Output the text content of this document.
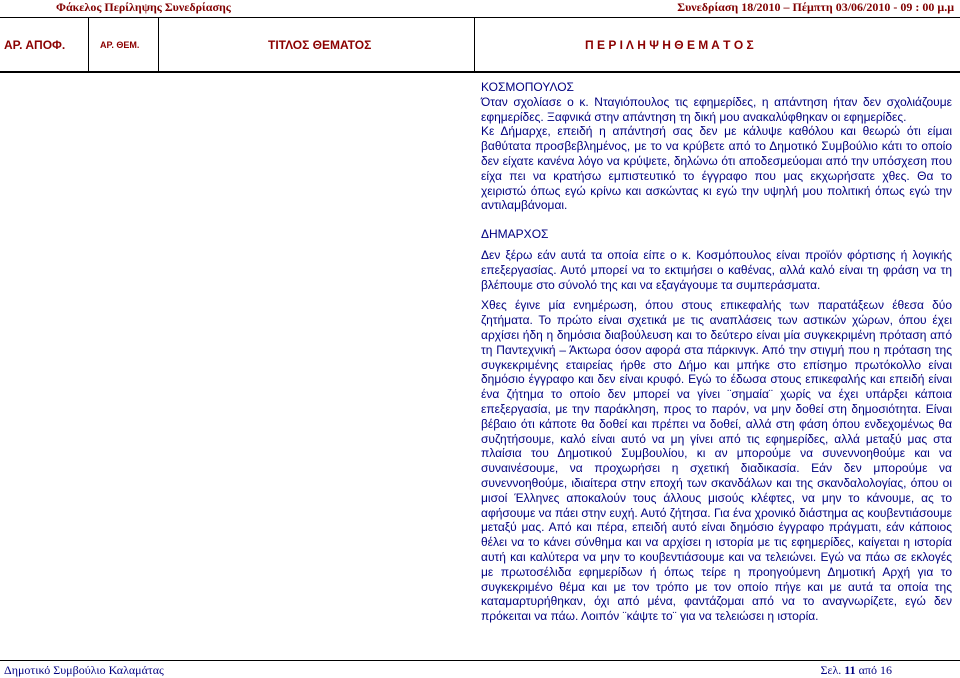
Φάκελος Περίληψης Συνεδρίασης	Συνεδρίαση 18/2010 – Πέμπτη 03/06/2010 - 09 : 00 μ.μ
ΑΡ. ΑΠΟΦ.	ΑΡ. ΘΕΜ.	ΤΙΤΛΟΣ ΘΕΜΑΤΟΣ	Π Ε Ρ Ι Λ Η Ψ Η Θ Ε Μ Α Τ Ο Σ

ΚΟΣΜΟΠΟΥΛΟΣ

Όταν σχολίασε ο κ. Νταγιόπουλος τις εφημερίδες, η απάντηση ήταν δεν σχολιάζουμε εφημερίδες. Ξαφνικά στην απάντηση τη δική μου ανακαλύφθηκαν οι εφημερίδες.

Κε Δήμαρχε, επειδή η απάντησή σας δεν με κάλυψε καθόλου και θεωρώ ότι είμαι βαθύτατα προσβεβλημένος, με το να κρύβετε από το Δημοτικό Συμβούλιο κάτι το οποίο δεν είχατε κανένα λόγο να κρύψετε, δηλώνω ότι αποδεσμεύομαι από την υπόσχεση που είχα πει να κρατήσω εμπιστευτικό το έγγραφο που μας εκχωρήσατε χθες. Θα το χειριστώ όπως εγώ κρίνω και ασκώντας κι εγώ την υψηλή μου πολιτική όπως εγώ την αντιλαμβάνομαι.

ΔΗΜΑΡΧΟΣ

Δεν ξέρω εάν αυτά τα οποία είπε ο κ. Κοσμόπουλος είναι προϊόν φόρτισης ή λογικής επεξεργασίας. Αυτό μπορεί να το εκτιμήσει ο καθένας, αλλά καλό είναι τη φράση να τη βλέπουμε στο σύνολό της και να εξαγάγουμε τα συμπεράσματα.

Χθες έγινε μία ενημέρωση, όπου στους επικεφαλής των παρατάξεων έθεσα δύο ζητήματα. Το πρώτο είναι σχετικά με τις αναπλάσεις των αστικών χώρων, όπου έχει αρχίσει ήδη η δημόσια διαβούλευση και το δεύτερο είναι μία συγκεκριμένη πρόταση από τη Παντεχνική – Άκτωρα όσον αφορά στα πάρκινγκ. Από την στιγμή που η πρόταση της συγκεκριμένης εταιρείας ήρθε στο Δήμο και μπήκε στο επίσημο πρωτόκολλο είναι δημόσιο έγγραφο και δεν είναι κρυφό. Εγώ το έδωσα στους επικεφαλής και επειδή είναι ένα ζήτημα το οποίο δεν μπορεί να γίνει ¨σημαία¨ χωρίς να έχει υπάρξει κάποια επεξεργασία, με την παράκληση, προς το παρόν, να μην δοθεί στη δημοσιότητα. Είναι βέβαιο ότι κάποτε θα δοθεί και πρέπει να δοθεί, αλλά στη φάση όπου ενδεχομένως θα συζητήσουμε, καλό είναι αυτό να μη γίνει από τις εφημερίδες, αλλά μεταξύ μας στα πλαίσια του Δημοτικού Συμβουλίου, κι αν μπορούμε να συνεννοηθούμε και να συναινέσουμε, να προχωρήσει η σχετική διαδικασία. Εάν δεν μπορούμε να συνεννοηθούμε, ιδιαίτερα στην εποχή των σκανδάλων και της σκανδαλολογίας, όπου οι μισοί Έλληνες αποκαλούν τους άλλους μισούς κλέφτες, να μην το κάνουμε, ας το αφήσουμε να πάει στην ευχή. Αυτό ζήτησα. Για ένα χρονικό διάστημα ας κουβεντιάσουμε μεταξύ μας. Από και πέρα, επειδή αυτό είναι δημόσιο έγγραφο πράγματι, εάν κάποιος θέλει να το κάνει σύνθημα και να αρχίσει η ιστορία με τις εφημερίδες, καίγεται η ιστορία αυτή και καλύτερα να μην το κουβεντιάσουμε και να τελειώνει. Εγώ να πάω σε εκλογές με πρωτοσέλιδα εφημερίδων ή όπως τείρε η προηγούμενη Δημοτική Αρχή για το συγκεκριμένο θέμα και με τον τρόπο με τον οποίο πήγε και με αυτά τα οποία της καταμαρτυρήθηκαν, όχι από μένα, φαντάζομαι από να το αναγνωρίζετε, εγώ δεν πρόκειται να πάω. Λοιπόν ¨κάψτε το¨ για να τελειώσει η ιστορία.

Δημοτικό Συμβούλιο Καλαμάτας	Σελ. 11 από 16
